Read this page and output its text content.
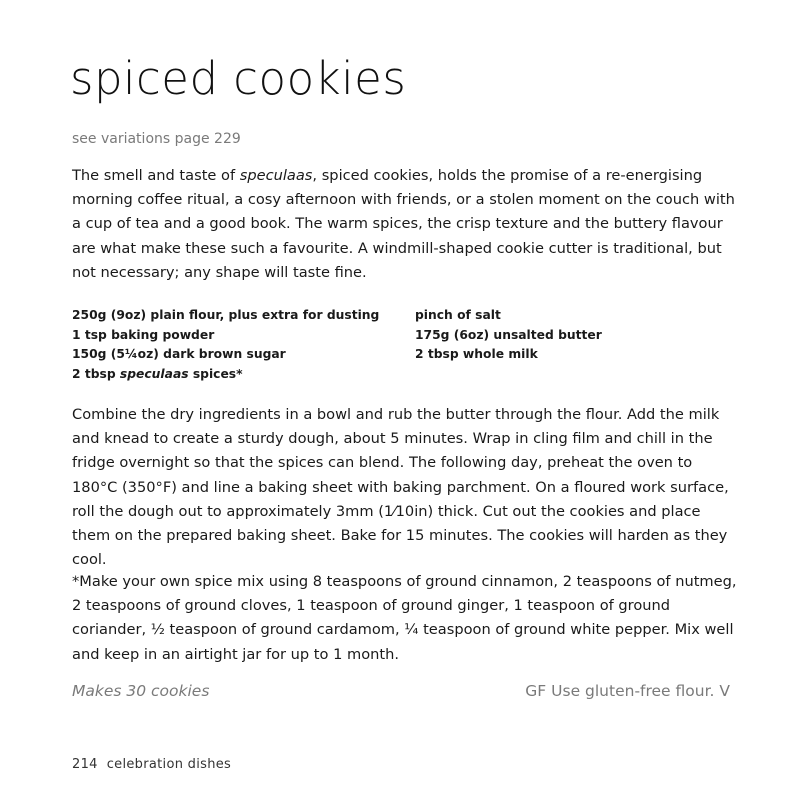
spiced cookies
see variations page 229

The smell and taste of speculaas, spiced cookies, holds the promise of a re-energising morning coffee ritual, a cosy afternoon with friends, or a stolen moment on the couch with a cup of tea and a good book. The warm spices, the crisp texture and the buttery flavour are what make these such a favourite. A windmill-shaped cookie cutter is traditional, but not necessary; any shape will taste fine.

250g (9oz) plain flour, plus extra for dusting
1 tsp baking powder
150g (5¼oz) dark brown sugar
2 tbsp speculaas spices*
pinch of salt
175g (6oz) unsalted butter
2 tbsp whole milk

Combine the dry ingredients in a bowl and rub the butter through the flour. Add the milk and knead to create a sturdy dough, about 5 minutes. Wrap in cling film and chill in the fridge overnight so that the spices can blend. The following day, preheat the oven to 180°C (350°F) and line a baking sheet with baking parchment. On a floured work surface, roll the dough out to approximately 3mm (1⁄10in) thick. Cut out the cookies and place them on the prepared baking sheet. Bake for 15 minutes. The cookies will harden as they cool.

*Make your own spice mix using 8 teaspoons of ground cinnamon, 2 teaspoons of nutmeg, 2 teaspoons of ground cloves, 1 teaspoon of ground ginger, 1 teaspoon of ground coriander, ½ teaspoon of ground cardamom, ¼ teaspoon of ground white pepper. Mix well and keep in an airtight jar for up to 1 month.

Makes 30 cookies	GF Use gluten-free flour. V
214 celebration dishes
